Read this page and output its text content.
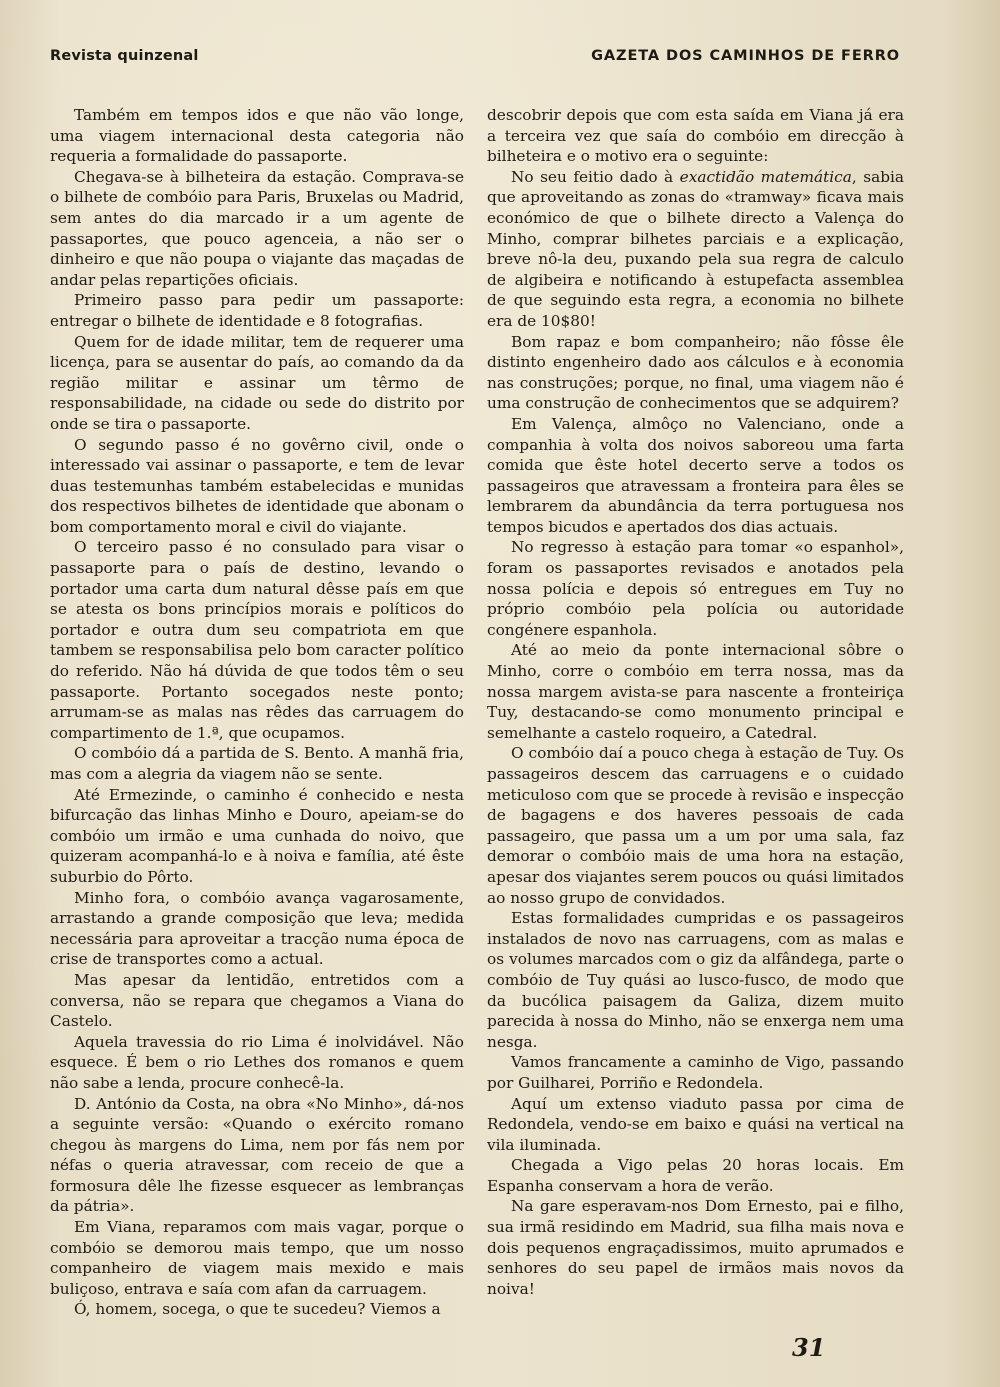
Revista quinzenal	GAZETA DOS CAMINHOS DE FERRO

Também em tempos idos e que não vão longe, uma viagem internacional desta categoria não requeria a formalidade do passaporte.

Chegava-se à bilheteira da estação. Comprava-se o bilhete de combóio para Paris, Bruxelas ou Madrid, sem antes do dia marcado ir a um agente de passaportes, que pouco agenceia, a não ser o dinheiro e que não poupa o viajante das maçadas de andar pelas repartições oficiais.

Primeiro passo para pedir um passaporte: entregar o bilhete de identidade e 8 fotografias.

Quem for de idade militar, tem de requerer uma licença, para se ausentar do país, ao comando da da região militar e assinar um têrmo de responsabilidade, na cidade ou sede do distrito por onde se tira o passaporte.

O segundo passo é no govêrno civil, onde o interessado vai assinar o passaporte, e tem de levar duas testemunhas também estabelecidas e munidas dos respectivos bilhetes de identidade que abonam o bom comportamento moral e civil do viajante.

O terceiro passo é no consulado para visar o passaporte para o país de destino, levando o portador uma carta dum natural dêsse país em que se atesta os bons princípios morais e políticos do portador e outra dum seu compatriota em que tambem se responsabilisa pelo bom caracter político do referido. Não há dúvida de que todos têm o seu passaporte. Portanto socegados neste ponto; arrumam-se as malas nas rêdes das carruagem do compartimento de 1.ª, que ocupamos.

O combóio dá a partida de S. Bento. A manhã fria, mas com a alegria da viagem não se sente.

Até Ermezinde, o caminho é conhecido e nesta bifurcação das linhas Minho e Douro, apeiam-se do combóio um irmão e uma cunhada do noivo, que quizeram acompanhá-lo e à noiva e família, até êste suburbio do Pôrto.

Minho fora, o combóio avança vagarosamente, arrastando a grande composição que leva; medida necessária para aproveitar a tracção numa época de crise de transportes como a actual.

Mas apesar da lentidão, entretidos com a conversa, não se repara que chegamos a Viana do Castelo.

Aquela travessia do rio Lima é inolvidável. Não esquece. É bem o rio Lethes dos romanos e quem não sabe a lenda, procure conhecê-la.

D. António da Costa, na obra «No Minho», dá-nos a seguinte versão: «Quando o exército romano chegou às margens do Lima, nem por fás nem por néfas o queria atravessar, com receio de que a formosura dêle lhe fizesse esquecer as lembranças da pátria».

Em Viana, reparamos com mais vagar, porque o combóio se demorou mais tempo, que um nosso companheiro de viagem mais mexido e mais buliçoso, entrava e saía com afan da carruagem.

Ó, homem, socega, o que te sucedeu? Viemos a

descobrir depois que com esta saída em Viana já era a terceira vez que saía do combóio em direcção à bilheteira e o motivo era o seguinte:

No seu feitio dado à exactidão matemática, sabia que aproveitando as zonas do «tramway» ficava mais económico de que o bilhete directo a Valença do Minho, comprar bilhetes parciais e a explicação, breve nô-la deu, puxando pela sua regra de calculo de algibeira e notificando à estupefacta assemblea de que seguindo esta regra, a economia no bilhete era de 10$80!

Bom rapaz e bom companheiro; não fôsse êle distinto engenheiro dado aos cálculos e à economia nas construções; porque, no final, uma viagem não é uma construção de conhecimentos que se adquirem?

Em Valença, almôço no Valenciano, onde a companhia à volta dos noivos saboreou uma farta comida que êste hotel decerto serve a todos os passageiros que atravessam a fronteira para êles se lembrarem da abundância da terra portuguesa nos tempos bicudos e apertados dos dias actuais.

No regresso à estação para tomar «o espanhol», foram os passaportes revisados e anotados pela nossa polícia e depois só entregues em Tuy no próprio combóio pela polícia ou autoridade congénere espanhola.

Até ao meio da ponte internacional sôbre o Minho, corre o combóio em terra nossa, mas da nossa margem avista-se para nascente a fronteiriça Tuy, destacando-se como monumento principal e semelhante a castelo roqueiro, a Catedral.

O combóio daí a pouco chega à estação de Tuy. Os passageiros descem das carruagens e o cuidado meticuloso com que se procede à revisão e inspecção de bagagens e dos haveres pessoais de cada passageiro, que passa um a um por uma sala, faz demorar o combóio mais de uma hora na estação, apesar dos viajantes serem poucos ou quási limitados ao nosso grupo de convidados.

Estas formalidades cumpridas e os passageiros instalados de novo nas carruagens, com as malas e os volumes marcados com o giz da alfândega, parte o combóio de Tuy quási ao lusco-fusco, de modo que da bucólica paisagem da Galiza, dizem muito parecida à nossa do Minho, não se enxerga nem uma nesga.

Vamos francamente a caminho de Vigo, passando por Guilharei, Porriño e Redondela.

Aquí um extenso viaduto passa por cima de Redondela, vendo-se em baixo e quási na vertical na vila iluminada.

Chegada a Vigo pelas 20 horas locais. Em Espanha conservam a hora de verão.

Na gare esperavam-nos Dom Ernesto, pai e filho, sua irmã residindo em Madrid, sua filha mais nova e dois pequenos engraçadissimos, muito aprumados e senhores do seu papel de irmãos mais novos da noiva!

31
